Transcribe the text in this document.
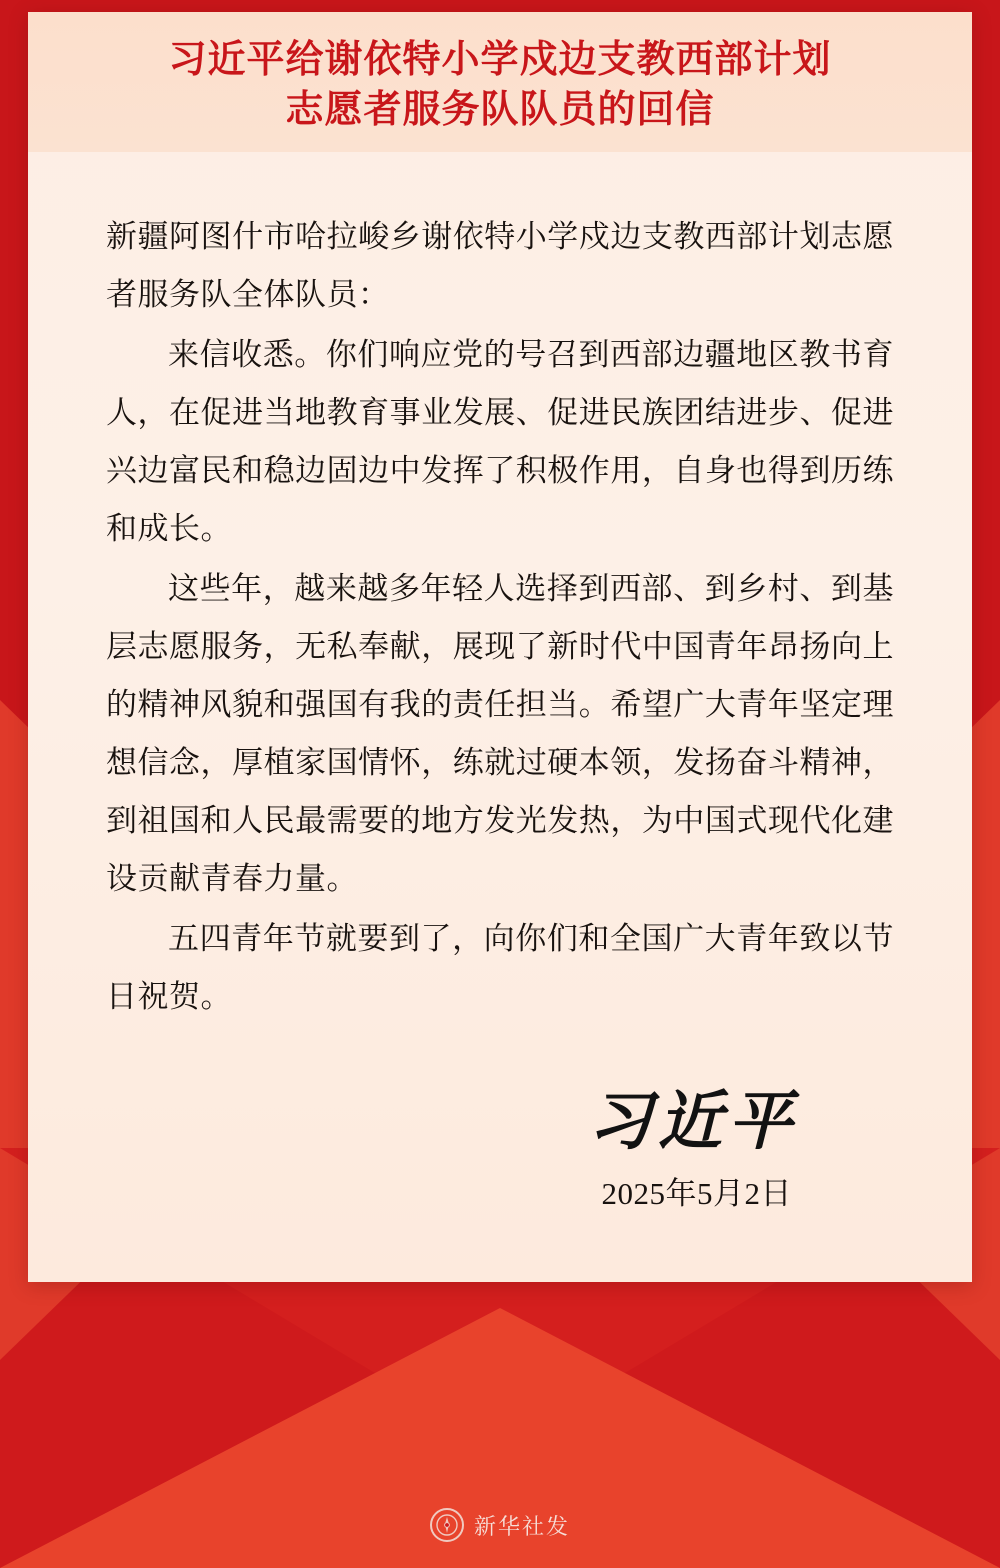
习近平给谢依特小学戍边支教西部计划
志愿者服务队队员的回信
新疆阿图什市哈拉峻乡谢依特小学戍边支教西部计划志愿者服务队全体队员：
来信收悉。你们响应党的号召到西部边疆地区教书育人，在促进当地教育事业发展、促进民族团结进步、促进兴边富民和稳边固边中发挥了积极作用，自身也得到历练和成长。
这些年，越来越多年轻人选择到西部、到乡村、到基层志愿服务，无私奉献，展现了新时代中国青年昂扬向上的精神风貌和强国有我的责任担当。希望广大青年坚定理想信念，厚植家国情怀，练就过硬本领，发扬奋斗精神，到祖国和人民最需要的地方发光发热，为中国式现代化建设贡献青春力量。
五四青年节就要到了，向你们和全国广大青年致以节日祝贺。
习近平
2025年5月2日
新华社发
